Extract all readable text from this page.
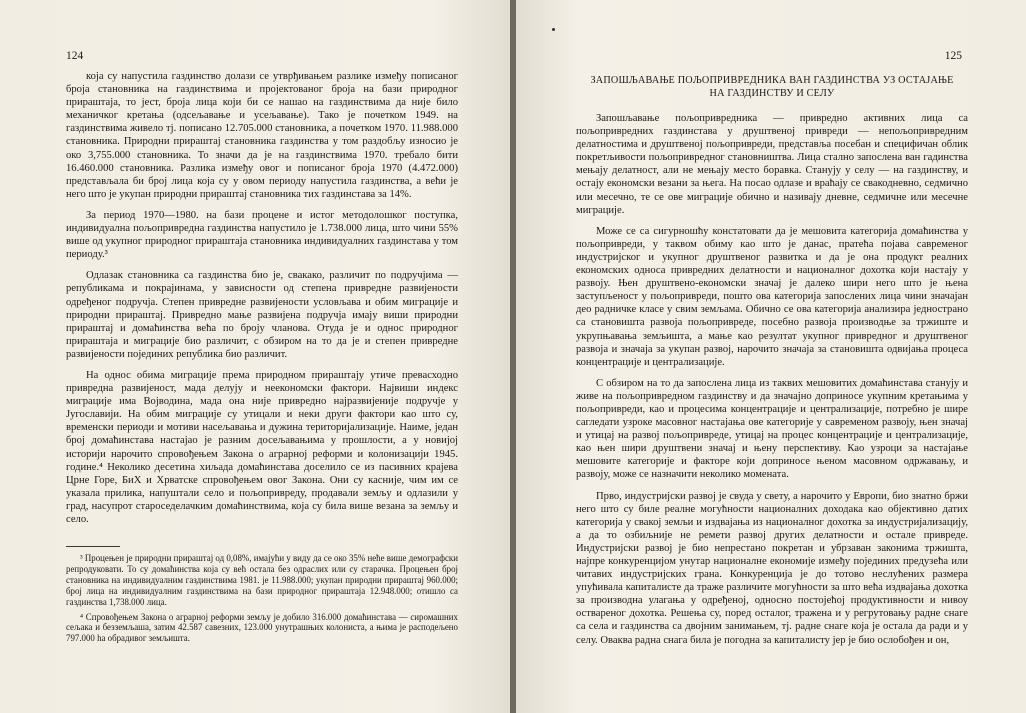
124

која су напустила газдинство долази се утврђивањем разлике између пописаног броја становника на газдинствима и пројектованог броја на бази природног прираштаја, то јест, броја лица који би се нашао на газдинствима да није било механичког кретања (одсељавање и усељавање). Тако је почетком 1949. на газдинствима живело тј. пописано 12.705.000 становника, а почетком 1970. 11.988.000 становника. Природни прираштај становника газдинства у том раздобљу износио је око 3,755.000 становника. То значи да је на газдинствима 1970. требало бити 16.460.000 становника. Разлика између овог и пописаног броја 1970 (4.472.000) представљала би број лица која су у овом периоду напустила газдинства, а већи је него што је укупан природни прираштај становника тих газдинстава за 14%.

За период 1970—1980. на бази процене и истог методолошког поступка, индивидуална пољопривредна газдинства напустило је 1.738.000 лица, што чини 55% више од укупног природног прираштаја становника индивидуалних газдинстава у том периоду.³

Одлазак становника са газдинства био је, свакако, различит по подручјима — републикама и покрајинама, у зависности од степена привредне развијености одређеног подручја. Степен привредне развијености условљава и обим миграције и природни прираштај. Привредно мање развијена подручја имају виши природни прираштај и домаћинства већа по броју чланова. Отуда је и однос природног прираштаја и миграције био различит, с обзиром на то да је и степен привредне развијености појединих република био различит.

На однос обима миграције према природном прираштају утиче превасходно привредна развијеност, мада делују и неекономски фактори. Највиши индекс миграције има Војводина, мада она није привредно најразвијеније подручје у Југославији. На обим миграције су утицали и неки други фактори као што су, временски периоди и мотиви насељавања и дужина територијализације. Наиме, један број домаћинстава настајао је разним досељавањима у прошлости, а у новијој историји нарочито спровођењем Закона о аграрној реформи и колонизацији 1945. године.⁴ Неколико десетина хиљада домаћинстава доселило се из пасивних крајева Црне Горе, БиХ и Хрватске спровођењем овог Закона. Они су касније, чим им се указала прилика, напуштали село и пољопривреду, продавали земљу и одлазили у град, насупрот староседелачким домаћинствима, која су била више везана за земљу и село.

³ Процењен је природни прираштај од 0,08%, имајући у виду да се око 35% неће више демографски репродуковати. То су домаћинства која су већ остала без одраслих или су старачка. Процењен број становника на индивидуалним газдинствима 1981. је 11.988.000; укупан природни прираштај 960.000; број лица на индивидуалним газдинствима на бази природног прираштаја 12.948.000; отишло са газдинства 1,738.000 лица.

⁴ Спровођењем Закона о аграрној реформи земљу је добило 316.000 домаћинстава — сиромашних сељака и безземљаша, затим 42.587 савезних, 123.000 унутрашњих колониста, а њима је расподељено 797.000 ha обрадивог земљишта.

125
ЗАПОШЉАВАЊЕ ПОЉОПРИВРЕДНИКА ВАН ГАЗДИНСТВА УЗ ОСТАЈАЊЕ
НА ГАЗДИНСТВУ И СЕЛУ

Запошљавање пољопривредника — привредно активних лица са пољопривредних газдинстава у друштвеној привреди — непољопривредним делатностима и друштвеној пољопривреди, представља посебан и специфичан облик покретљивости пољопривредног становништва. Лица стално запослена ван гадинства мењају делатност, али не мењају место боравка. Станују у селу — на газдинству, и остају економски везани за њега. На посао одлазе и враћају се свакодневно, седмично или месечно, те се ове миграције обично и називају дневне, седмичне или месечне миграције.

Може се са сигурношћу констатовати да је мешовита категорија домаћинства у пољопривреди, у таквом обиму као што је данас, пратећа појава савременог индустријског и укупног друштвеног развитка и да је она продукт реалних економских односа привредних делатности и националног дохотка који настају у развоју. Њен друштвено-економски значај је далеко шири него што је њена заступљеност у пољопривреди, пошто ова категорија запослених лица чини значајан део радничке класе у свим земљама. Обично се ова категорија анализира једнострано са становишта развоја пољопривреде, посебно развоја производње за тржиште и укрупњавања земљишта, а мање као резултат укупног привредног и друштвеног развоја и значаја за укупан развој, нарочито значаја за становишта одвијања процеса концентрације и централизације.

С обзиром на то да запослена лица из таквих мешовитих домаћинстава станују и живе на пољопривредном газдинству и да значајно доприносе укупним кретањима у пољопривреди, као и процесима концентрације и централизације, потребно је шире сагледати узроке масовног настајања ове категорије у савременом развоју, њен значај и утицај на развој пољопривреде, утицај на процес концентрације и централизације, као њен шири друштвени значај и њену перспективу. Као узроци за настајање мешовите категорије и факторе који доприносе њеном масовном одржавању, и развоју, може се назначити неколико момената.

Прво, индустријски развој је свуда у свету, а нарочито у Европи, био знатно бржи него што су биле реалне могућности националних доходака као објективно датих категорија у свакој земљи и издвајања из националног дохотка за индустријализацију, а да то озбиљније не ремети развој других делатности и остале привреде. Индустријски развој је био непрестано покретан и убрзаван законима тржишта, најпре конкуренцијом унутар националне економије између појединих предузећа или читавих индустријских грана. Конкуренција је до тотово неслућених размера упућивала капиталисте да траже различите могућности за што већа издвајања дохотка за производна улагања у одређеној, односно постојећој продуктивности и нивоу оствареног дохотка. Решења су, поред осталог, тражена и у регрутовању радне снаге са села и газдинства са двојним занимањем, тј. радне снаге која је остала да ради и у селу. Оваква радна снага била је погодна за капиталисту јер је био ослобођен и он,
